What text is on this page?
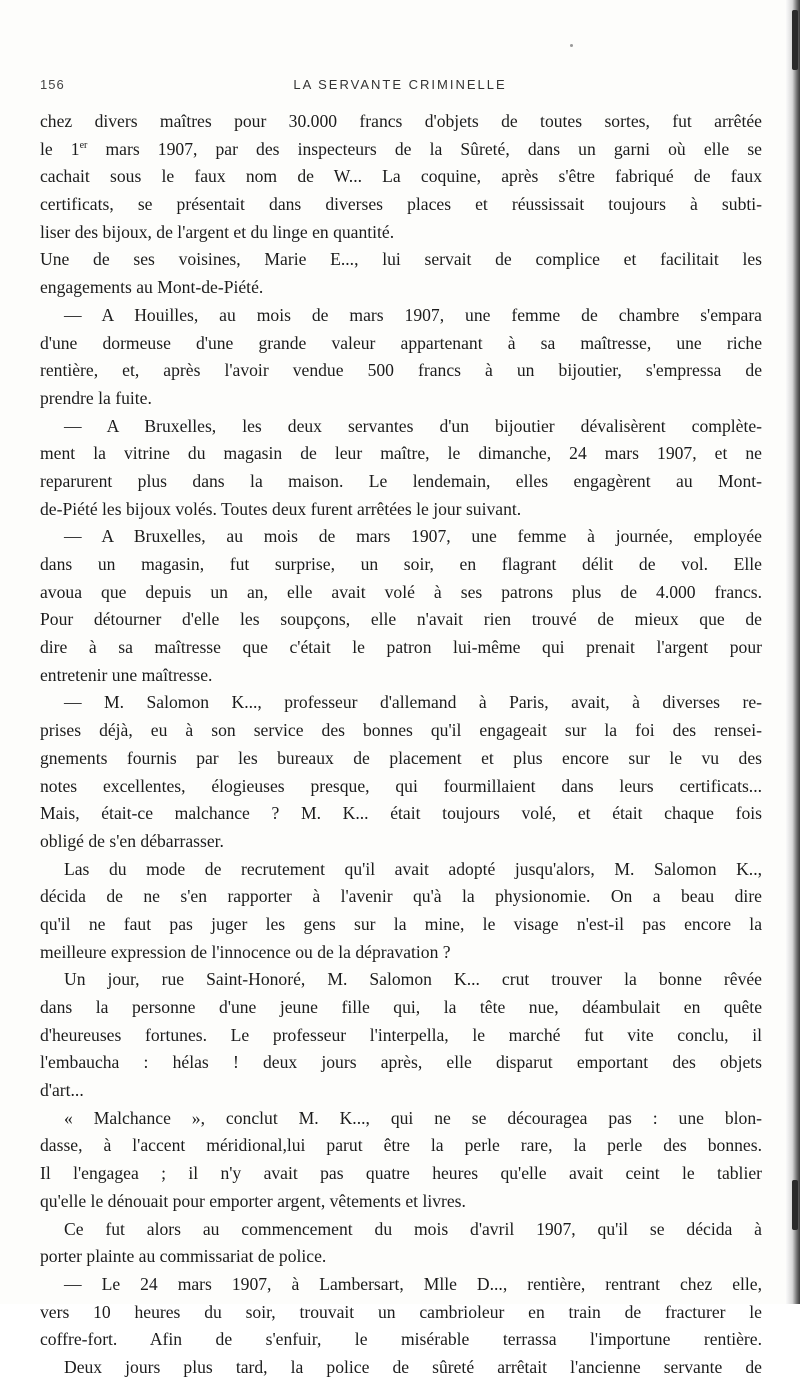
156	LA SERVANTE CRIMINELLE
chez divers maîtres pour 30.000 francs d'objets de toutes sortes, fut arrêtée
le 1er mars 1907, par des inspecteurs de la Sûreté, dans un garni où elle se
cachait sous le faux nom de W... La coquine, après s'être fabriqué de faux
certificats, se présentait dans diverses places et réussissait toujours à subti-
liser des bijoux, de l'argent et du linge en quantité.
Une de ses voisines, Marie E..., lui servait de complice et facilitait les
engagements au Mont-de-Piété.
— A Houilles, au mois de mars 1907, une femme de chambre s'empara
d'une dormeuse d'une grande valeur appartenant à sa maîtresse, une riche
rentière, et, après l'avoir vendue 500 francs à un bijoutier, s'empressa de
prendre la fuite.
— A Bruxelles, les deux servantes d'un bijoutier dévalisèrent complète-
ment la vitrine du magasin de leur maître, le dimanche, 24 mars 1907, et ne
reparurent plus dans la maison. Le lendemain, elles engagèrent au Mont-
de-Piété les bijoux volés. Toutes deux furent arrêtées le jour suivant.
— A Bruxelles, au mois de mars 1907, une femme à journée, employée
dans un magasin, fut surprise, un soir, en flagrant délit de vol. Elle
avoua que depuis un an, elle avait volé à ses patrons plus de 4.000 francs.
Pour détourner d'elle les soupçons, elle n'avait rien trouvé de mieux que de
dire à sa maîtresse que c'était le patron lui-même qui prenait l'argent pour
entretenir une maîtresse.
— M. Salomon K..., professeur d'allemand à Paris, avait, à diverses re-
prises déjà, eu à son service des bonnes qu'il engageait sur la foi des rensei-
gnements fournis par les bureaux de placement et plus encore sur le vu des
notes excellentes, élogieuses presque, qui fourmillaient dans leurs certificats...
Mais, était-ce malchance ? M. K... était toujours volé, et était chaque fois
obligé de s'en débarrasser.
Las du mode de recrutement qu'il avait adopté jusqu'alors, M. Salomon K..,
décida de ne s'en rapporter à l'avenir qu'à la physionomie. On a beau dire
qu'il ne faut pas juger les gens sur la mine, le visage n'est-il pas encore la
meilleure expression de l'innocence ou de la dépravation ?
Un jour, rue Saint-Honoré, M. Salomon K... crut trouver la bonne rêvée
dans la personne d'une jeune fille qui, la tête nue, déambulait en quête
d'heureuses fortunes. Le professeur l'interpella, le marché fut vite conclu, il
l'embaucha : hélas ! deux jours après, elle disparut emportant des objets
d'art...
« Malchance », conclut M. K..., qui ne se découragea pas : une blon-
dasse, à l'accent méridional,lui parut être la perle rare, la perle des bonnes.
Il l'engagea ; il n'y avait pas quatre heures qu'elle avait ceint le tablier
qu'elle le dénouait pour emporter argent, vêtements et livres.
Ce fut alors au commencement du mois d'avril 1907, qu'il se décida à
porter plainte au commissariat de police.
— Le 24 mars 1907, à Lambersart, Mlle D..., rentière, rentrant chez elle,
vers 10 heures du soir, trouvait un cambrioleur en train de fracturer le
coffre-fort. Afin de s'enfuir, le misérable terrassa l'importune rentière.
Deux jours plus tard, la police de sûreté arrêtait l'ancienne servante de
